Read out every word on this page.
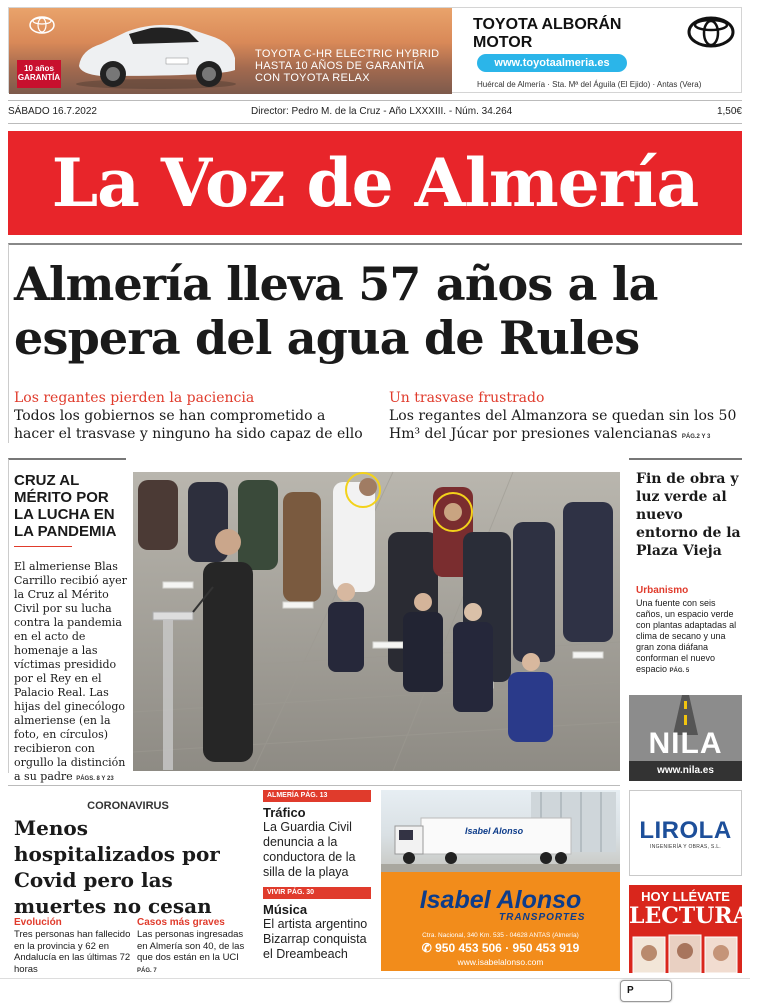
10 años GARANTÍA
TOYOTA C-HR ELECTRIC HYBRID HASTA 10 AÑOS DE GARANTÍA CON TOYOTA RELAX
TOYOTA ALBORÁN MOTOR
www.toyotaalmeria.es
Huércal de Almería · Sta. Mª del Águila (El Ejido) · Antas (Vera)
SÁBADO 16.7.2022	Director: Pedro M. de la Cruz - Año LXXXIII. - Núm. 34.264	1,50€
La Voz de Almería
Almería lleva 57 años a la espera del agua de Rules
Los regantes pierden la paciencia
Todos los gobiernos se han comprometido a hacer el trasvase y ninguno ha sido capaz de ello
Un trasvase frustrado
Los regantes del Almanzora se quedan sin los 50 Hm³ del Júcar por presiones valencianas PÁG.2 Y 3
CRUZ AL MÉRITO POR LA LUCHA EN LA PANDEMIA
El almeriense Blas Carrillo recibió ayer la Cruz al Mérito Civil por su lucha contra la pandemia en el acto de homenaje a las víctimas presidido por el Rey en el Palacio Real. Las hijas del ginecólogo almeriense (en la foto, en círculos) recibieron con orgullo la distinción a su padre PÁGS. 8 Y 23
Fin de obra y luz verde al nuevo entorno de la Plaza Vieja
Urbanismo
Una fuente con seis caños, un espacio verde con plantas adaptadas al clima de secano y una gran zona diáfana conforman el nuevo espacio PÁG. 5
NILA
www.nila.es
CORONAVIRUS
Menos hospitalizados por Covid pero las muertes no cesan
Evolución
Tres personas han fallecido en la provincia y 62 en Andalucía en las últimas 72 horas
Casos más graves
Las personas ingresadas en Almería son 40, de las que dos están en la UCI PÁG. 7
ALMERÍA PÁG. 13
Tráfico
La Guardia Civil denuncia a la conductora de la silla de la playa
VIVIR PÁG. 30
Música
El artista argentino Bizarrap conquista el Dreambeach
Isabel Alonso
Isabel Alonso
TRANSPORTES
Ctra. Nacional, 340 Km. 535 - 04628 ANTAS (Almería)
✆ 950 453 506 · 950 453 919
www.isabelalonso.com
LIROLA
INGENIERÍA Y OBRAS, S.L.
HOY LLÉVATE
LECTURAS
P
